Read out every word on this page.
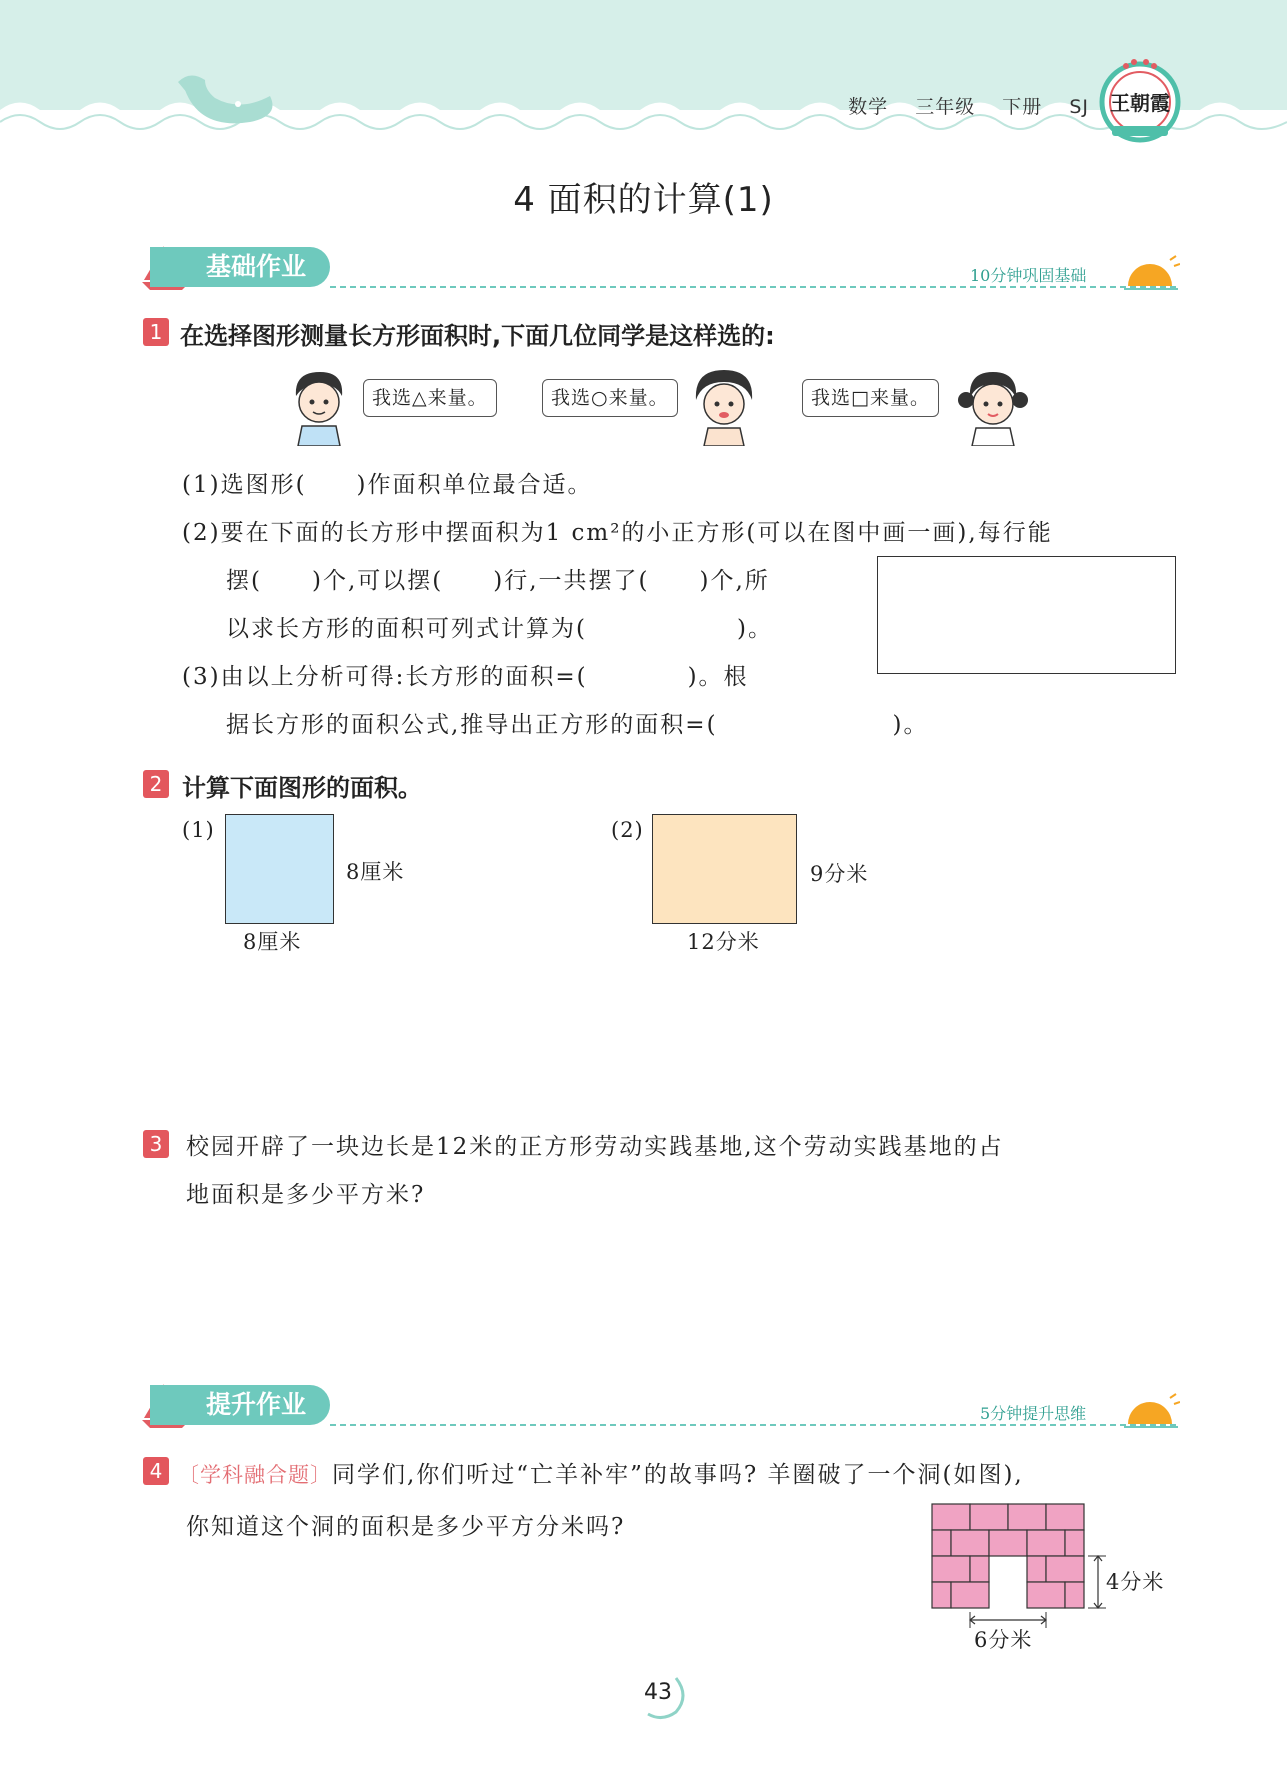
数学 三年级 下册 SJ 王朝霞
4 面积的计算(1)
基础作业	10分钟巩固基础
1 在选择图形测量长方形面积时,下面几位同学是这样选的:
我选△来量。	我选○来量。	我选□来量。
(1)选图形(　　)作面积单位最合适。
(2)要在下面的长方形中摆面积为1 cm²的小正方形(可以在图中画一画),每行能
摆(　　)个,可以摆(　　)行,一共摆了(　　)个,所
以求长方形的面积可列式计算为(　　　　　　)。
(3)由以上分析可得:长方形的面积=(　　　　)。根
据长方形的面积公式,推导出正方形的面积=(　　　　　　　)。
2 计算下面图形的面积。
(1)
8厘米
8厘米
(2)
9分米
12分米
3 校园开辟了一块边长是12米的正方形劳动实践基地,这个劳动实践基地的占
地面积是多少平方米?
提升作业	5分钟提升思维
4 〔学科融合题〕同学们,你们听过“亡羊补牢”的故事吗? 羊圈破了一个洞(如图),
你知道这个洞的面积是多少平方分米吗?
4分米
6分米
43
